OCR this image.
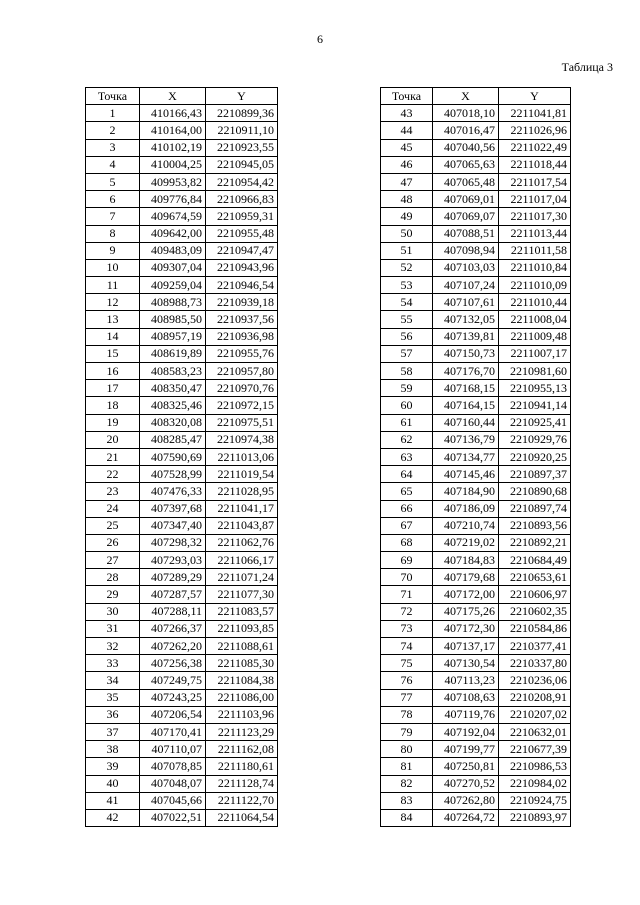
6
Таблица 3
Точка	X	Y
1	410166,43	2210899,36
2	410164,00	2210911,10
3	410102,19	2210923,55
4	410004,25	2210945,05
5	409953,82	2210954,42
6	409776,84	2210966,83
7	409674,59	2210959,31
8	409642,00	2210955,48
9	409483,09	2210947,47
10	409307,04	2210943,96
11	409259,04	2210946,54
12	408988,73	2210939,18
13	408985,50	2210937,56
14	408957,19	2210936,98
15	408619,89	2210955,76
16	408583,23	2210957,80
17	408350,47	2210970,76
18	408325,46	2210972,15
19	408320,08	2210975,51
20	408285,47	2210974,38
21	407590,69	2211013,06
22	407528,99	2211019,54
23	407476,33	2211028,95
24	407397,68	2211041,17
25	407347,40	2211043,87
26	407298,32	2211062,76
27	407293,03	2211066,17
28	407289,29	2211071,24
29	407287,57	2211077,30
30	407288,11	2211083,57
31	407266,37	2211093,85
32	407262,20	2211088,61
33	407256,38	2211085,30
34	407249,75	2211084,38
35	407243,25	2211086,00
36	407206,54	2211103,96
37	407170,41	2211123,29
38	407110,07	2211162,08
39	407078,85	2211180,61
40	407048,07	2211128,74
41	407045,66	2211122,70
42	407022,51	2211064,54
Точка	X	Y
43	407018,10	2211041,81
44	407016,47	2211026,96
45	407040,56	2211022,49
46	407065,63	2211018,44
47	407065,48	2211017,54
48	407069,01	2211017,04
49	407069,07	2211017,30
50	407088,51	2211013,44
51	407098,94	2211011,58
52	407103,03	2211010,84
53	407107,24	2211010,09
54	407107,61	2211010,44
55	407132,05	2211008,04
56	407139,81	2211009,48
57	407150,73	2211007,17
58	407176,70	2210981,60
59	407168,15	2210955,13
60	407164,15	2210941,14
61	407160,44	2210925,41
62	407136,79	2210929,76
63	407134,77	2210920,25
64	407145,46	2210897,37
65	407184,90	2210890,68
66	407186,09	2210897,74
67	407210,74	2210893,56
68	407219,02	2210892,21
69	407184,83	2210684,49
70	407179,68	2210653,61
71	407172,00	2210606,97
72	407175,26	2210602,35
73	407172,30	2210584,86
74	407137,17	2210377,41
75	407130,54	2210337,80
76	407113,23	2210236,06
77	407108,63	2210208,91
78	407119,76	2210207,02
79	407192,04	2210632,01
80	407199,77	2210677,39
81	407250,81	2210986,53
82	407270,52	2210984,02
83	407262,80	2210924,75
84	407264,72	2210893,97
